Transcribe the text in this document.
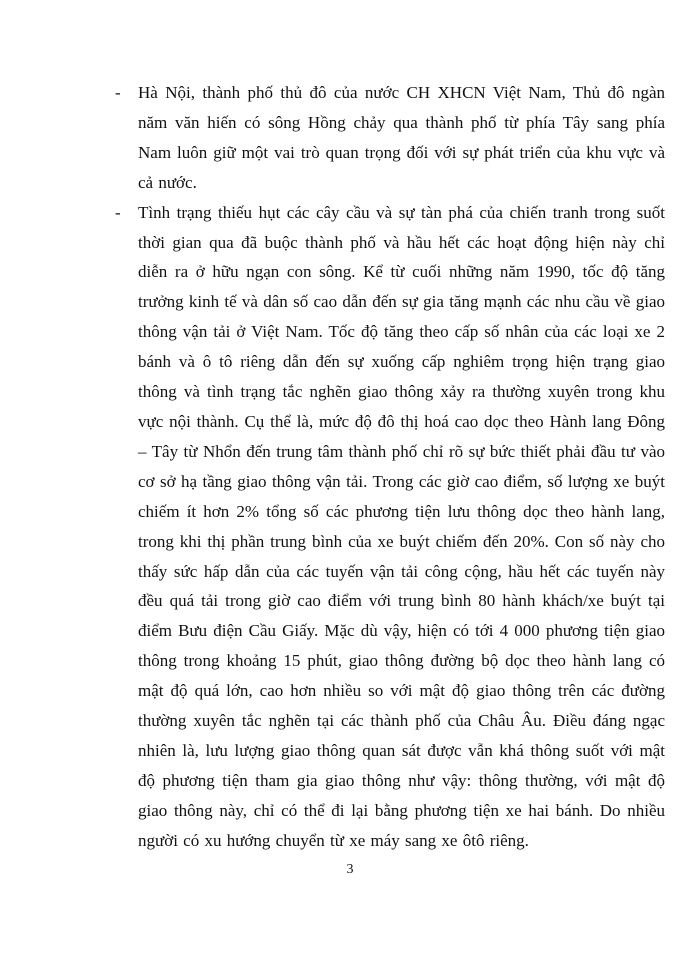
- Hà Nội, thành phố thủ đô của nước CH XHCN Việt Nam, Thủ đô ngàn năm văn hiến có sông Hồng chảy qua thành phố từ phía Tây sang phía Nam luôn giữ một vai trò quan trọng đối với sự phát triển của khu vực và cả nước.
- Tình trạng thiếu hụt các cây cầu và sự tàn phá của chiến tranh trong suốt thời gian qua đã buộc thành phố và hầu hết các hoạt động hiện này chỉ diễn ra ở hữu ngạn con sông. Kể từ cuối những năm 1990, tốc độ tăng trưởng kinh tế và dân số cao dẫn đến sự gia tăng mạnh các nhu cầu về giao thông vận tải ở Việt Nam. Tốc độ tăng theo cấp số nhân của các loại xe 2 bánh và ô tô riêng dẫn đến sự xuống cấp nghiêm trọng hiện trạng giao thông và tình trạng tắc nghẽn giao thông xảy ra thường xuyên trong khu vực nội thành. Cụ thể là, mức độ đô thị hoá cao dọc theo Hành lang Đông – Tây từ Nhổn đến trung tâm thành phố chỉ rõ sự bức thiết phải đầu tư vào cơ sở hạ tầng giao thông vận tải. Trong các giờ cao điểm, số lượng xe buýt chiếm ít hơn 2% tổng số các phương tiện lưu thông dọc theo hành lang, trong khi thị phần trung bình của xe buýt chiếm đến 20%. Con số này cho thấy sức hấp dẫn của các tuyến vận tải công cộng, hầu hết các tuyến này đều quá tải trong giờ cao điểm với trung bình 80 hành khách/xe buýt tại điểm Bưu điện Cầu Giấy. Mặc dù vậy, hiện có tới 4 000 phương tiện giao thông trong khoảng 15 phút, giao thông đường bộ dọc theo hành lang có mật độ quá lớn, cao hơn nhiều so với mật độ giao thông trên các đường thường xuyên tắc nghẽn tại các thành phố của Châu Âu. Điều đáng ngạc nhiên là, lưu lượng giao thông quan sát được vẫn khá thông suốt với mật độ phương tiện tham gia giao thông như vậy: thông thường, với mật độ giao thông này, chỉ có thể đi lại bằng phương tiện xe hai bánh. Do nhiều người có xu hướng chuyển từ xe máy sang xe ôtô riêng.
3
